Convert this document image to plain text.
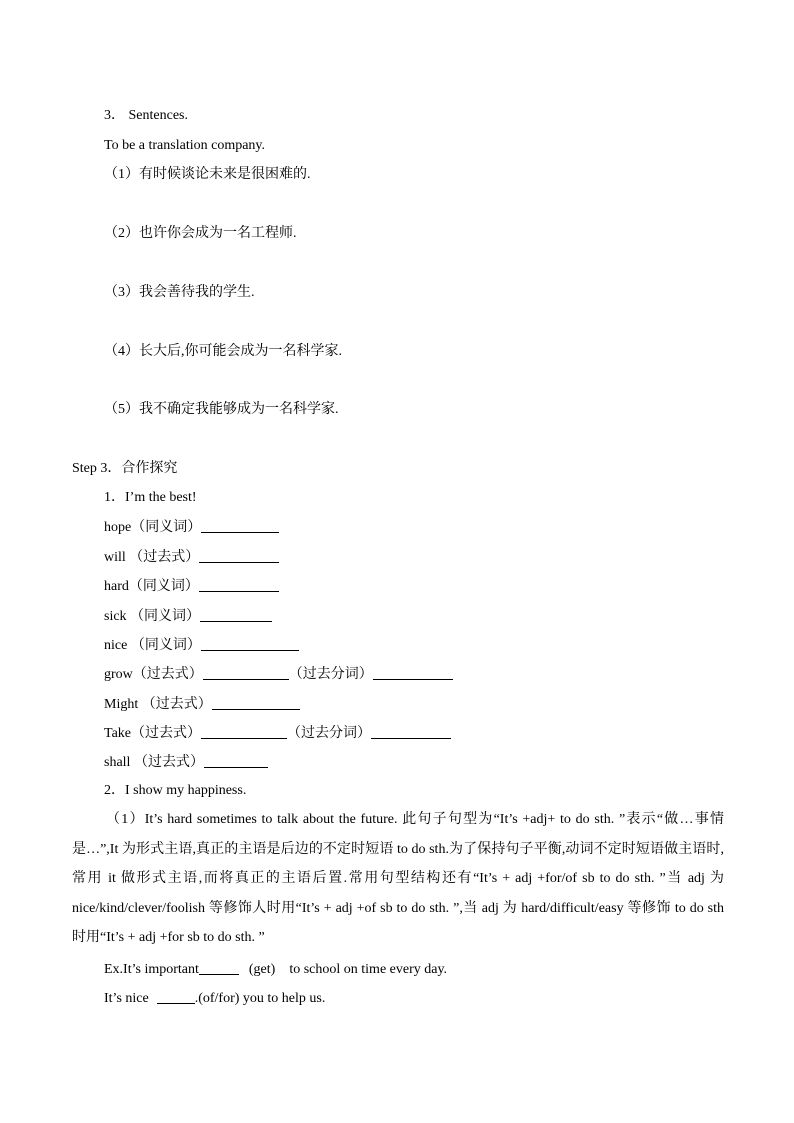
3． Sentences.
To be a translation company.
（1）有时候谈论未来是很困难的.
（2）也许你会成为一名工程师.
（3）我会善待我的学生.
（4）长大后,你可能会成为一名科学家.
（5）我不确定我能够成为一名科学家.
Step 3．合作探究
1．I’m the best!
hope（同义词）
will （过去式）
hard（同义词）
sick （同义词）
nice （同义词）
grow（过去式）	（过去分词）
Might （过去式）
Take（过去式）	（过去分词）
shall （过去式）
2．I show my happiness.
（1）It’s hard sometimes to talk about the future. 此句子句型为“It’s +adj+ to do sth. ”表示“做…事情是…”,It 为形式主语,真正的主语是后边的不定时短语 to do sth.为了保持句子平衡,动词不定时短语做主语时,常用 it 做形式主语,而将真正的主语后置.常用句型结构还有“It’s + adj +for/of sb to do sth. ”当 adj 为 nice/kind/clever/foolish 等修饰人时用“It’s + adj +of sb to do sth. ”,当 adj 为 hard/difficult/easy 等修饰 to do sth 时用“It’s + adj +for sb to do sth. ”
Ex.It’s important	(get) to school on time every day.
It’s nice	.(of/for) you to help us.
